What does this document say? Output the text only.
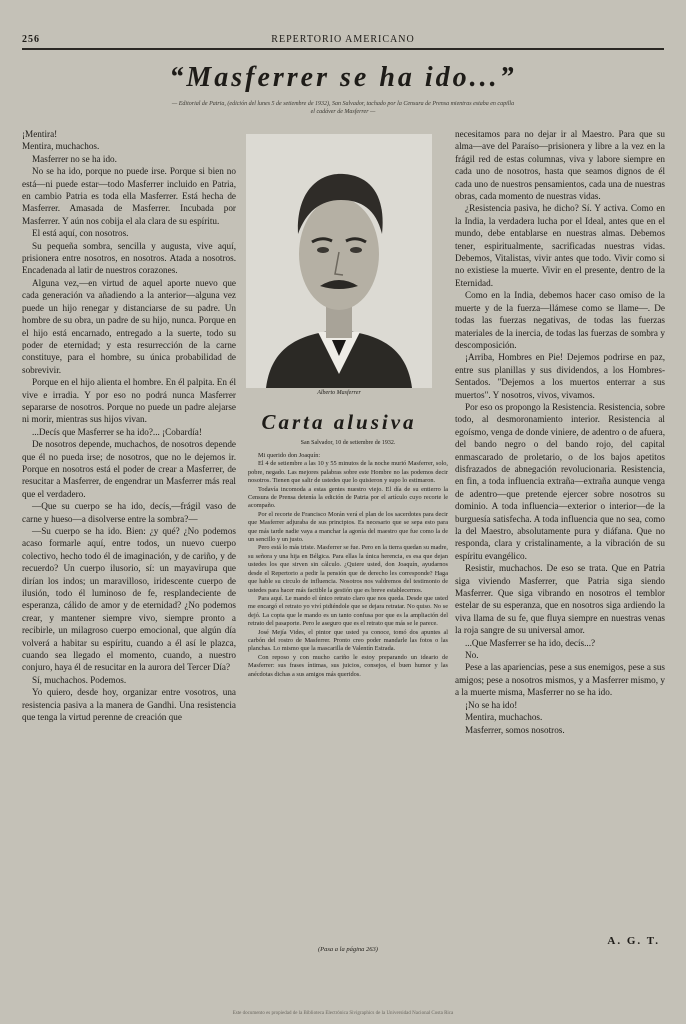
256	REPERTORIO AMERICANO
“Masferrer se ha ido...”
— Editorial de Patria, (edición del lunes 5 de setiembre de 1932), San Salvador, tachado por la Censura de Prensa mientras estaba en capilla el cadáver de Masferrer —

¡Mentira!

Mentira, muchachos.

Masferrer no se ha ido.

No se ha ido, porque no puede irse. Porque si bien no está—ni puede estar—todo Masferrer incluido en Patria, en cambio Patria es toda ella Masferrer. Está hecha de Masferrer. Amasada de Masferrer. Incubada por Masferrer. Y aún nos cobija el ala clara de su espíritu.

El está aquí, con nosotros.

Su pequeña sombra, sencilla y augusta, vive aquí, prisionera entre nosotros, en nosotros. Atada a nosotros. Encadenada al latir de nuestros corazones.

Alguna vez,—en virtud de aquel aporte nuevo que cada generación va añadiendo a la anterior—alguna vez puede un hijo renegar y distanciarse de su padre. Un hombre de su obra, un padre de su hijo, nunca. Porque en el hijo está encarnado, entregado a la suerte, todo su poder de eternidad; y esta resurrección de la carne constituye, para el hombre, su única probabilidad de sobrevivir.

Porque en el hijo alienta el hombre. En él palpita. En él vive e irradia. Y por eso no podrá nunca Masferrer separarse de nosotros. Porque no puede un padre alejarse ni morir, mientras sus hijos vivan.

...Decís que Masferrer se ha ido?... ¡Cobardía!

De nosotros depende, muchachos, de nosotros depende que él no pueda irse; de nosotros, que no le dejemos ir. Porque en nosotros está el poder de crear a Masferrer, de resucitar a Masferrer, de engendrar un Masferrer más real que el verdadero.

—Que su cuerpo se ha ido, decís,—frágil vaso de carne y hueso—a disolverse entre la sombra?—

—Su cuerpo se ha ido. Bien: ¿y qué? ¿No podemos acaso formarle aquí, entre todos, un nuevo cuerpo colectivo, hecho todo él de imaginación, y de cariño, y de recuerdo? Un cuerpo ilusorio, sí: un mayavirupa que dirían los indos; un maravilloso, iridescente cuerpo de ilusión, todo él luminoso de fe, resplandeciente de esperanza, cálido de amor y de eternidad? ¿No podemos crear, y mantener siempre vivo, siempre pronto a recibirle, un milagroso cuerpo emocional, que algún día volverá a habitar su espíritu, cuando a él así le plazca, cuando sea llegado el momento, cuando, a nuestro conjuro, haya él de resucitar en la aurora del Tercer Día?

Sí, muchachos. Podemos.

Yo quiero, desde hoy, organizar entre vosotros, una resistencia pasiva a la manera de Gandhi. Una resistencia que tenga la virtud perenne de creación que

Alberto Masferrer
Carta alusiva
San Salvador, 10 de setiembre de 1932.

Mi querido don Joaquín:

El 4 de setiembre a las 10 y 55 minutos de la noche murió Masferrer, solo, pobre, negado. Las mejores palabras sobre este Hombre no las podemos decir nosotros. Tienen que salir de ustedes que lo quisieron y supo lo estimaron.

Todavía incomoda a estas gentes nuestro viejo. El día de su entierro la Censura de Prensa detenía la edición de Patria por el artículo cuyo recorte le acompaño.

Por el recorte de Francisco Morán verá el plan de los sacerdotes para decir que Masferrer adjuraba de sus principios. Es necesario que se sepa esto para que más tarde nadie vaya a manchar la agonía del maestro que fue como la de un sencillo y un justo.

Pero está lo más triste. Masferrer se fue. Pero en la tierra quedan su madre, su señora y una hija en Bélgica. Para ellas la única herencia, es esa que dejan ustedes los que sirven sin cálculo. ¿Quiere usted, don Joaquín, ayudarnos desde el Repertorio a pedir la pensión que de derecho les corresponde? Haga que hable su circulo de influencia. Nosotros nos valdremos del testimonio de ustedes para hacer más factible la gestión que es breve establecernos.

Para aquí. Le mando el único retrato claro que nos queda. Desde que usted me encargó el retrato yo viví pidiéndole que se dejara retratar. No quiso. No se dejó. La copia que le mando es un tanto confusa por que es la ampliación del retrato del pasaporte. Pero le aseguro que es el retrato que más se le parece.

José Mejía Vides, el pintor que usted ya conoce, tomó dos apuntes al carbón del rostro de Masferrer. Pronto creo poder mandarle las fotos o las planchas. Lo mismo que la mascarilla de Valentín Estrada.

Con reposo y con mucho cariño le estoy preparando un ideario de Masferrer: sus frases íntimas, sus juicios, consejos, el buen humor y las anécdotas dichas a sus amigos más queridos.

(Pasa a la página 263)

necesitamos para no dejar ir al Maestro. Para que su alma—ave del Paraíso—prisionera y libre a la vez en la frágil red de estas columnas, viva y labore siempre en cada uno de nosotros, hasta que seamos dignos de él cada uno de nuestros pensamientos, cada una de nuestras obras, cada momento de nuestras vidas.

¿Resistencia pasiva, he dicho? Sí. Y activa. Como en la India, la verdadera lucha por el Ideal, antes que en el mundo, debe entablarse en nuestras almas. Debemos tener, espiritualmente, sacrificadas nuestras vidas. Debemos, Vitalistas, vivir antes que todo. Vivir como si no existiese la muerte. Vivir en el presente, dentro de la Eternidad.

Como en la India, debemos hacer caso omiso de la muerte y de la fuerza—llámese como se llame—. De todas las fuerzas negativas, de todas las fuerzas materiales de la inercia, de todas las fuerzas de sombra y descomposición.

¡Arriba, Hombres en Pie! Dejemos podrirse en paz, entre sus planillas y sus dividendos, a los Hombres-Sentados. "Dejemos a los muertos enterrar a sus muertos". Y nosotros, vivos, vivamos.

Por eso os propongo la Resistencia. Resistencia, sobre todo, al desmoronamiento interior. Resistencia al egoísmo, venga de donde viniere, de adentro o de afuera, del bando negro o del bando rojo, del capital enmascarado de proletario, o de los bajos apetitos disfrazados de abnegación revolucionaria. Resistencia, en fin, a toda influencia extraña—extraña aunque venga de adentro—que pretende ejercer sobre nosotros su dominio. A toda influencia—exterior o interior—de la burguesía satisfecha. A toda influencia que no sea, como la del Maestro, absolutamente pura y diáfana. Que no responda, clara y cristalinamente, a la vibración de su espíritu evangélico.

Resistir, muchachos. De eso se trata. Que en Patria siga viviendo Masferrer, que Patria siga siendo Masferrer. Que siga vibrando en nosotros el temblor estelar de su esperanza, que en nosotros siga ardiendo la viva llama de su fe, que fluya siempre en nuestras venas la roja sangre de su universal amor.

...Que Masferrer se ha ido, decís...?

No.

Pese a las apariencias, pese a sus enemigos, pese a sus amigos; pese a nosotros mismos, y a Masferrer mismo, y a la muerte misma, Masferrer no se ha ido.

¡No se ha ido!

Mentira, muchachos.

Masferrer, somos nosotros.

A. G. T.
Este documento es propiedad de la Biblioteca Electrónica Sivigraphics de la Universidad Nacional Costa Rica
